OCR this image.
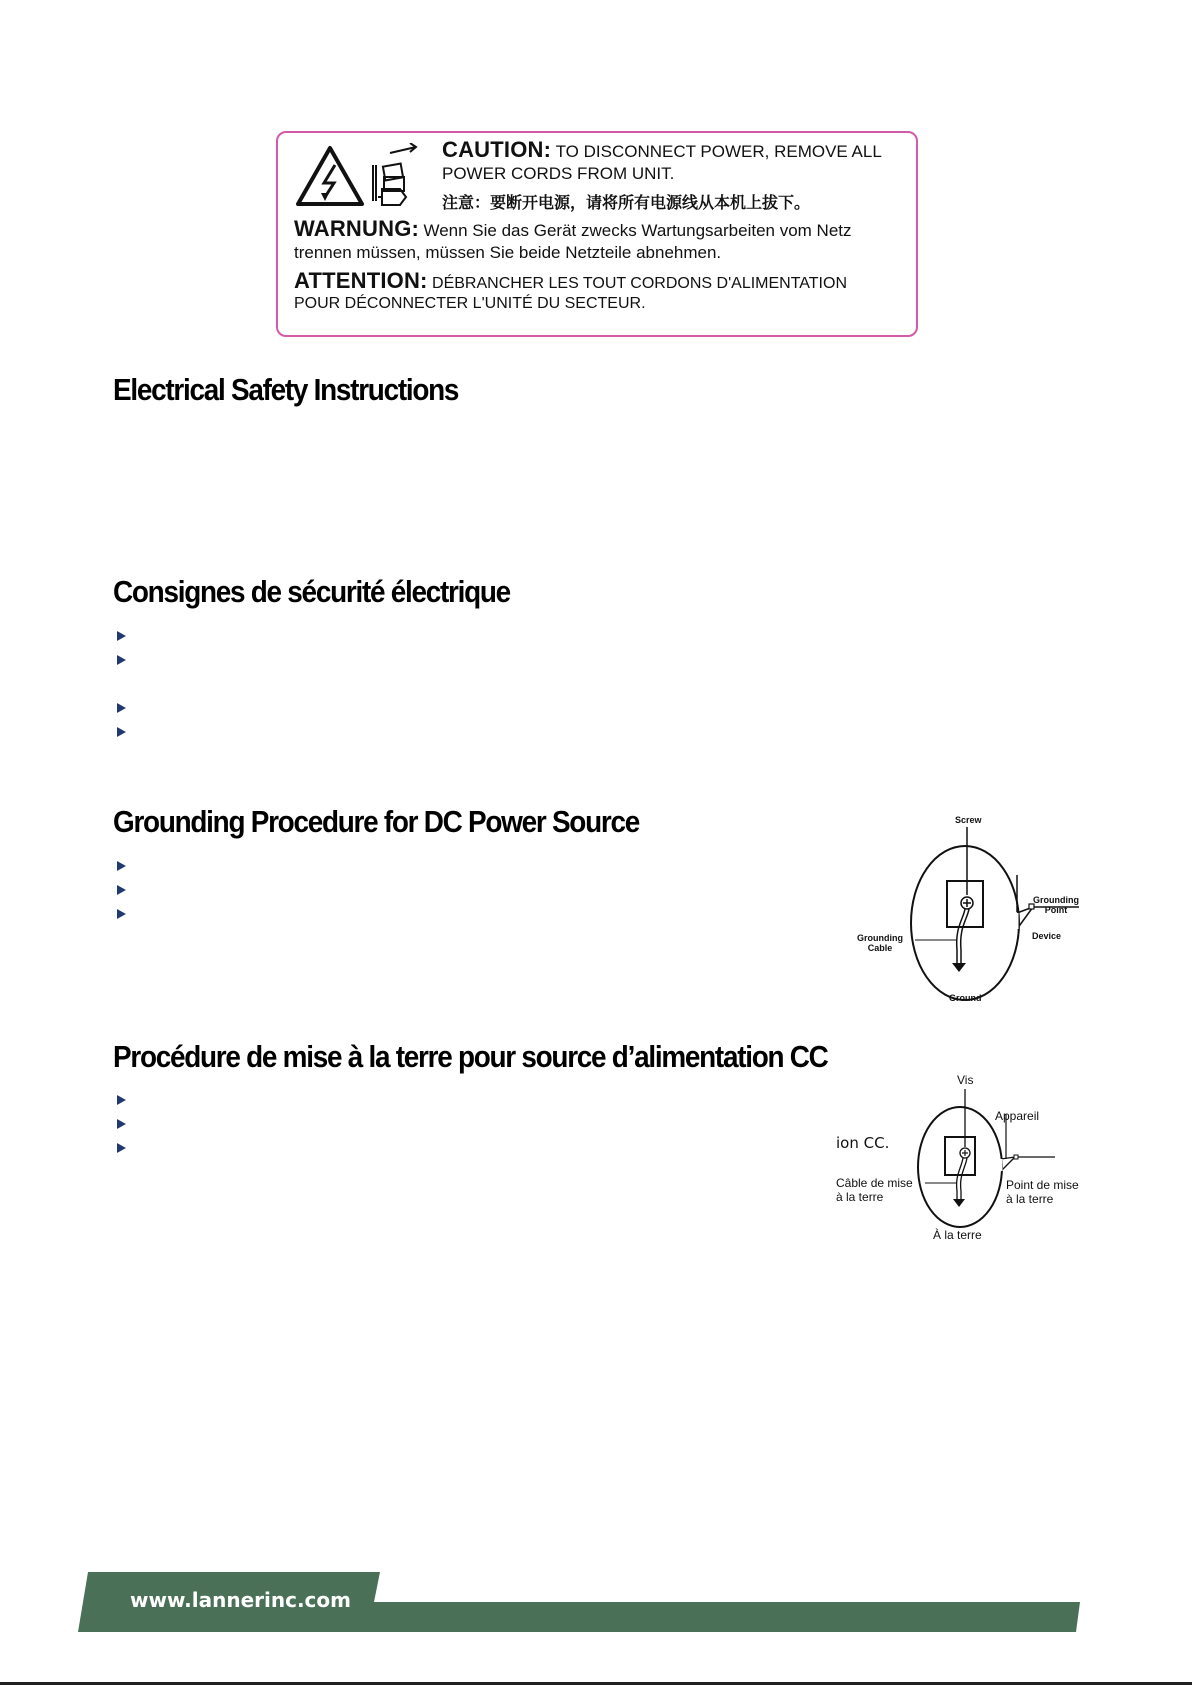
CAUTION: TO DISCONNECT POWER, REMOVE ALL
POWER CORDS FROM UNIT.
注意：要断开电源，请将所有电源线从本机上拔下。
WARNUNG: Wenn Sie das Gerät zwecks Wartungsarbeiten vom Netz
trennen müssen, müssen Sie beide Netzteile abnehmen.
ATTENTION: DÉBRANCHER LES TOUT CORDONS D'ALIMENTATION
POUR DÉCONNECTER L'UNITÉ DU SECTEUR.
Electrical Safety Instructions
Consignes de sécurité électrique
Grounding Procedure for DC Power Source
Procédure de mise à la terre pour source d’alimentation CC
Screw
Grounding Point
Device
Grounding Cable
Ground
Vis
Appareil
ion CC.
Câble de mise à la terre
Point de mise à la terre
À la terre
www.lannerinc.com
